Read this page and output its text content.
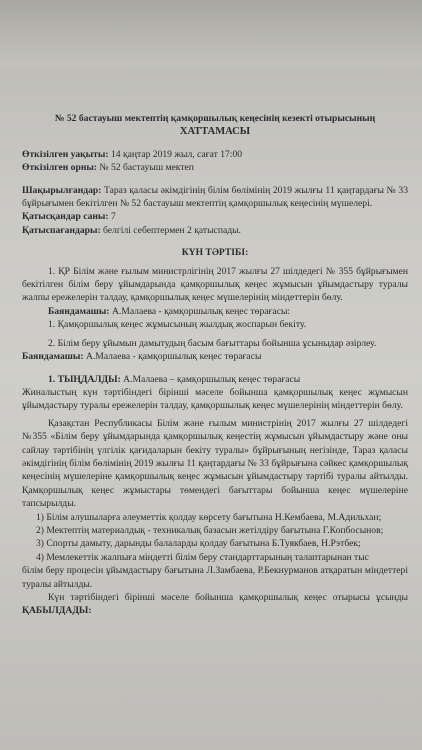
№ 52 бастауыш мектептің қамқоршылық кеңесінің кезекті отырысының

ХАТТАМАСЫ

Өткізілген уақыты: 14 қаңтар 2019 жыл, сағат 17:00

Өткізілген орны: № 52 бастауыш мектеп

Шақырылғандар: Тараз қаласы әкімдігінің білім бөлімінің 2019 жылғы 11 қаңтардағы № 33 бұйрығымен бекітілген № 52 бастауыш мектептің қамқоршылық кеңесінің мүшелері.

Қатысқандар саны: 7

Қатыспағандары: белгілі себептермен 2 қатыспады.

КҮН ТӘРТІБІ:

1. ҚР Білім және ғылым министрлігінің 2017 жылғы 27 шілдедегі № 355 бұйрығымен бекітілген білім беру ұйымдарында қамқоршылық кеңес жұмысын ұйымдастыру туралы жалпы ережелерін талдау, қамқоршылық кеңес мүшелерінің міндеттерін бөлу.

Баяндамашы: А.Малаева - қамқоршылық кеңес төрағасы:

1. Қамқоршылық кеңес жұмысының жылдық жоспарын бекіту.

2. Білім беру ұйымын дамытудың басым бағыттары бойынша ұсыныдар әзірлеу.

Баяндамашы: А.Малаева - қамқоршылық кеңес төрағасы

1. ТЫҢДАЛДЫ: А.Малаева – қамқоршылық кеңес төрағасы

Жиналыстың күн тәртібіндегі бірінші мәселе бойынша қамқоршылық кеңес жұмысын ұйымдастыру туралы ережелерін талдау, қамқоршылық кеңес мүшелерінің міндеттерін бөлу.

Қазақстан Республикасы Білім және ғылым министрінің 2017 жылғы 27 шілдедегі №355 «Білім беру ұйымдарында қамқоршылық кеңестің жұмысын ұйымдастыру және оны сайлау тәртібінің үлгілік қағидаларын бекіту туралы» бұйрығының негізінде, Тараз қаласы әкімдігінің білім бөлімінің 2019 жылғы 11 қаңтардағы № 33 бұйрығына сәйкес қамқоршылық кеңесінің мүшелеріне қамқоршылық кеңес жұмысын ұйымдастыру тәртібі туралы айтылды. Қамқоршылық кеңес жұмыстары төмендегі бағыттары бойынша кеңес мүшелеріне тапсырылды.

1) Білім алушыларға әлеуметтік қолдау көрсету бағытына Н.Кембаева, М.Адильхан;

2) Мектептің материалдық - техникалық базасын жетілдіру бағытына Г.Копбосынов;

3) Спорты дамыту, дарынды балаларды қолдау бағытына Б.Туякбаев, Н.Рэтбек;

4) Мемлекеттік жалпыға міндетті білім беру стандарттарының талаптарынан тыс

білім беру процесін ұйымдастыру бағытына Л.Замбаева, Р.Бекнурманов атқаратын міндеттері туралы айтылды.

Күн тәртібіндегі бірінші мәселе бойынша қамқоршылық кеңес отырысы ұсынды ҚАБЫЛДАДЫ:
